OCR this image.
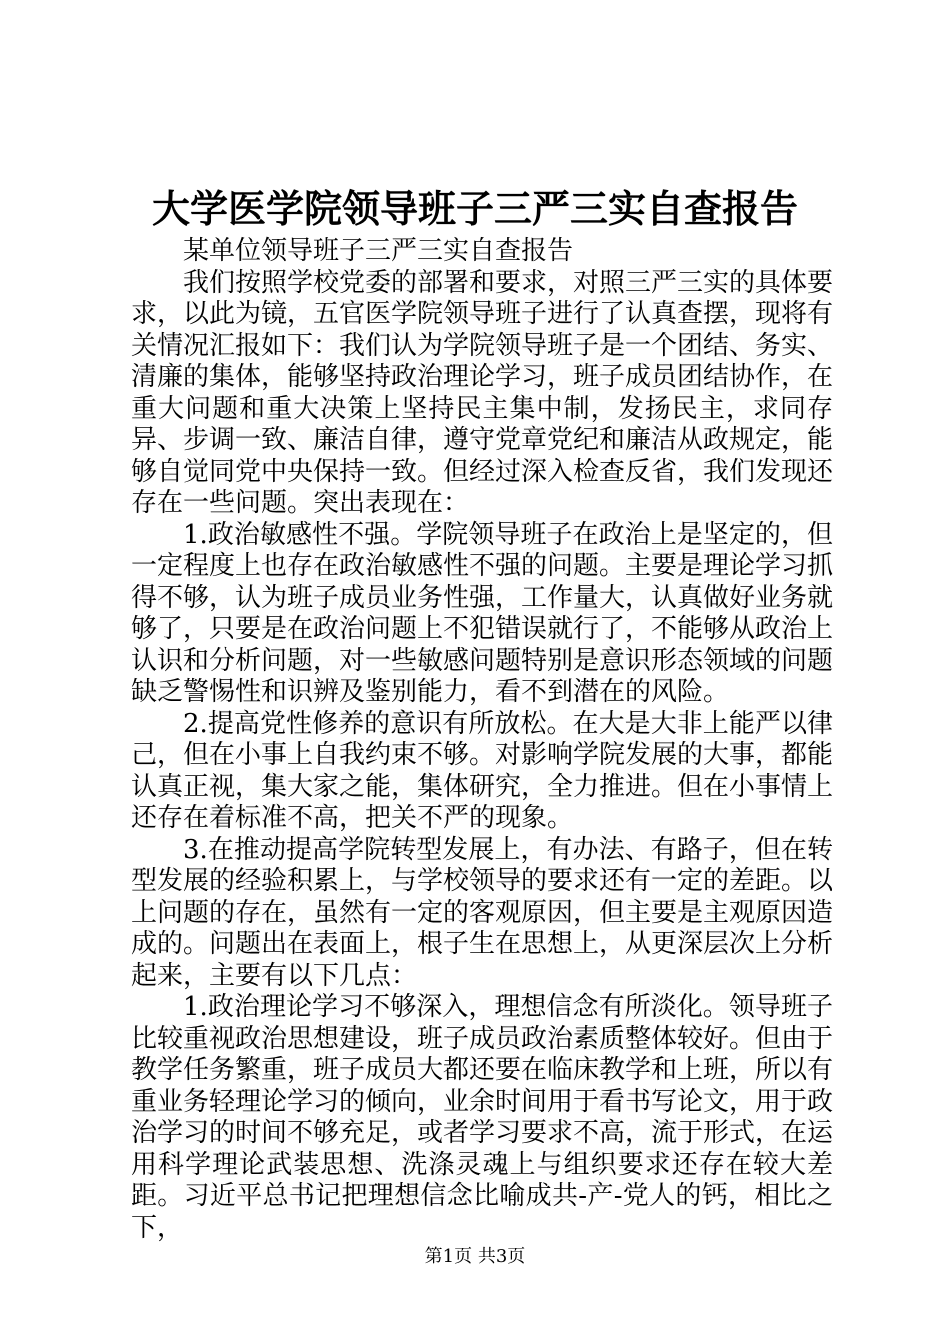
大学医学院领导班子三严三实自查报告

某单位领导班子三严三实自查报告

我们按照学校党委的部署和要求，对照三严三实的具体要求，以此为镜，五官医学院领导班子进行了认真查摆，现将有关情况汇报如下：我们认为学院领导班子是一个团结、务实、清廉的集体，能够坚持政治理论学习，班子成员团结协作，在重大问题和重大决策上坚持民主集中制，发扬民主，求同存异、步调一致、廉洁自律，遵守党章党纪和廉洁从政规定，能够自觉同党中央保持一致。但经过深入检查反省，我们发现还存在一些问题。突出表现在：

1.政治敏感性不强。学院领导班子在政治上是坚定的，但一定程度上也存在政治敏感性不强的问题。主要是理论学习抓得不够，认为班子成员业务性强，工作量大，认真做好业务就够了，只要是在政治问题上不犯错误就行了，不能够从政治上认识和分析问题，对一些敏感问题特别是意识形态领域的问题缺乏警惕性和识辨及鉴别能力，看不到潜在的风险。

2.提高党性修养的意识有所放松。在大是大非上能严以律己，但在小事上自我约束不够。对影响学院发展的大事，都能认真正视，集大家之能，集体研究，全力推进。但在小事情上还存在着标准不高，把关不严的现象。

3.在推动提高学院转型发展上，有办法、有路子，但在转型发展的经验积累上，与学校领导的要求还有一定的差距。以上问题的存在，虽然有一定的客观原因，但主要是主观原因造成的。问题出在表面上，根子生在思想上，从更深层次上分析起来，主要有以下几点：

1.政治理论学习不够深入，理想信念有所淡化。领导班子比较重视政治思想建设，班子成员政治素质整体较好。但由于教学任务繁重，班子成员大都还要在临床教学和上班，所以有重业务轻理论学习的倾向，业余时间用于看书写论文，用于政治学习的时间不够充足，或者学习要求不高，流于形式，在运用科学理论武装思想、洗涤灵魂上与组织要求还存在较大差距。习近平总书记把理想信念比喻成共-产-党人的钙，相比之下，

第1页 共3页
